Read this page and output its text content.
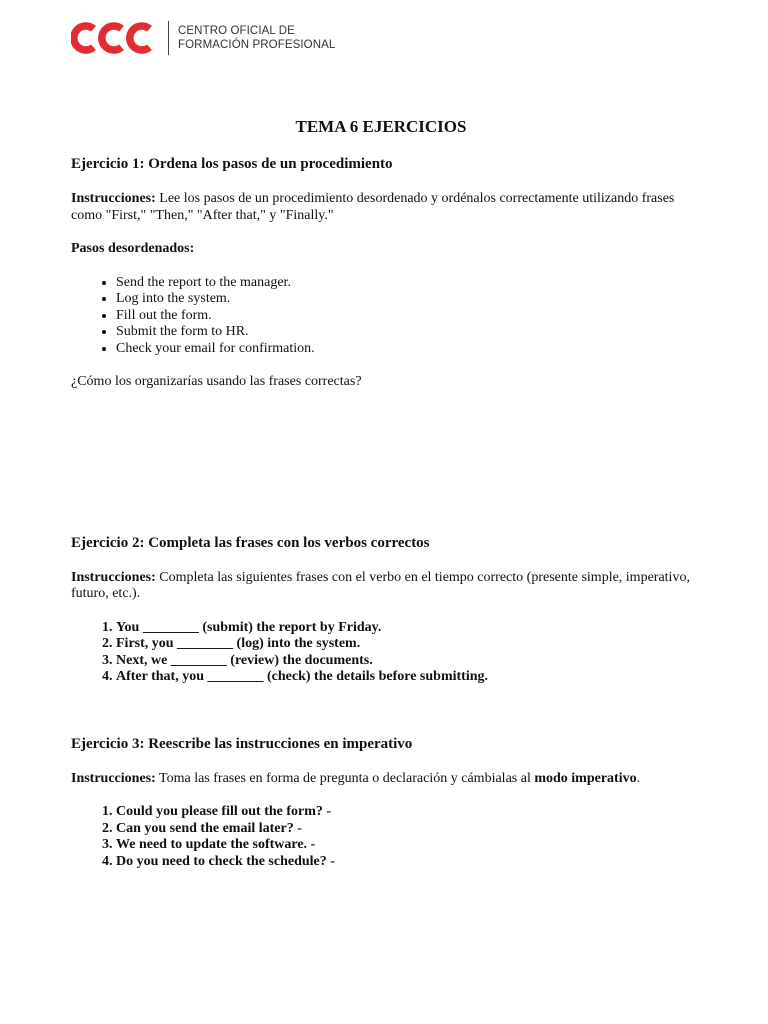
CENTRO OFICIAL DE
FORMACIÓN PROFESIONAL
TEMA 6 EJERCICIOS
Ejercicio 1: Ordena los pasos de un procedimiento

Instrucciones: Lee los pasos de un procedimiento desordenado y ordénalos correctamente utilizando frases como "First," "Then," "After that," y "Finally."

Pasos desordenados:

• Send the report to the manager.
• Log into the system.
• Fill out the form.
• Submit the form to HR.
• Check your email for confirmation.

¿Cómo los organizarías usando las frases correctas?

Ejercicio 2: Completa las frases con los verbos correctos

Instrucciones: Completa las siguientes frases con el verbo en el tiempo correcto (presente simple, imperativo, futuro, etc.).

1. You ________ (submit) the report by Friday.
2. First, you ________ (log) into the system.
3. Next, we ________ (review) the documents.
4. After that, you ________ (check) the details before submitting.
Ejercicio 3: Reescribe las instrucciones en imperativo

Instrucciones: Toma las frases en forma de pregunta o declaración y cámbialas al modo imperativo.

1. Could you please fill out the form? -
2. Can you send the email later? -
3. We need to update the software. -
4. Do you need to check the schedule? -
